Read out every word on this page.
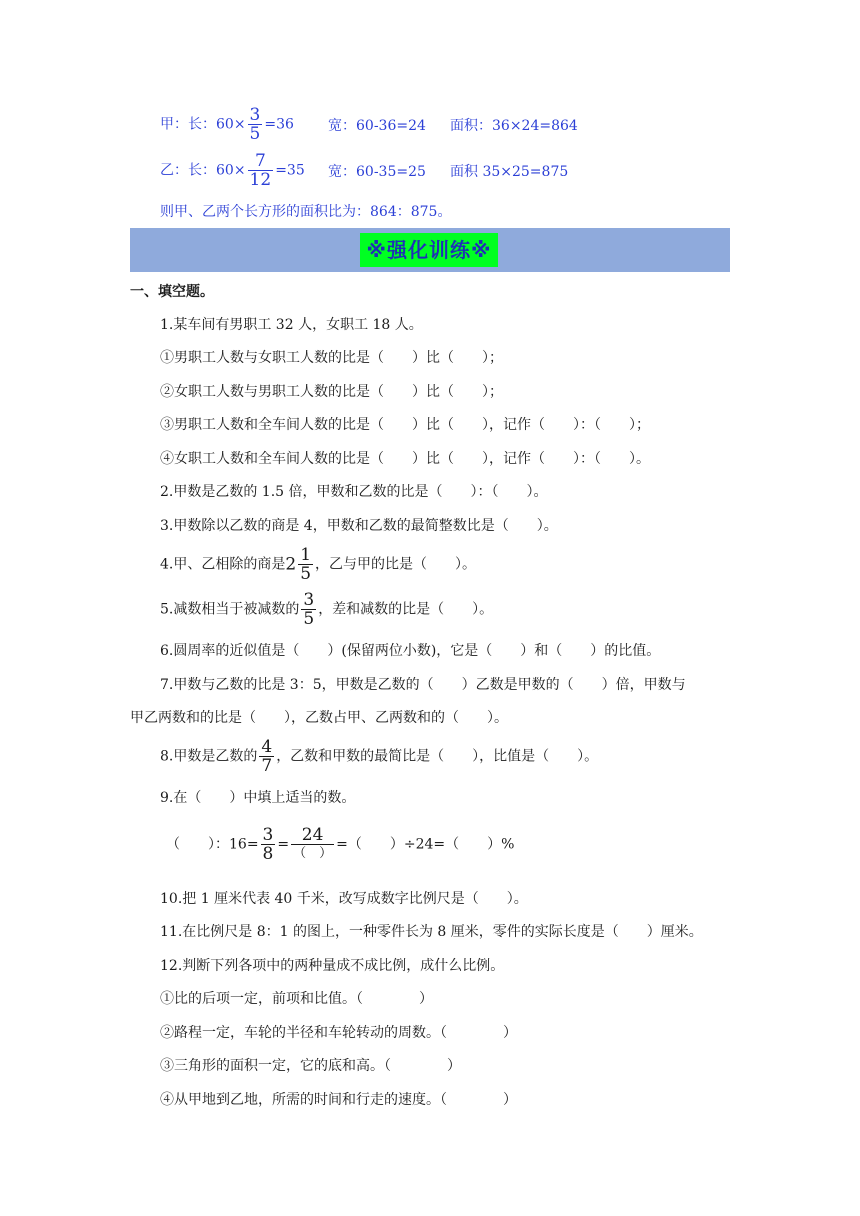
甲：长：$60\times \frac{3}{5} =36$ 宽：60-36=24 面积：36×24=864
乙：长：$60\times \frac{7}{12} =35$ 宽：60-35=25 面积 35×25=875
则甲、乙两个长方形的面积比为：864：875。
※强化训练※
一、填空题。
1.某车间有男职工 32 人，女职工 18 人。
①男职工人数与女职工人数的比是（　　）比（　　）；
②女职工人数与男职工人数的比是（　　）比（　　）；
③男职工人数和全车间人数的比是（　　）比（　　），记作（　　）：（　　）；
④女职工人数和全车间人数的比是（　　）比（　　），记作（　　）：（　　）。
2.甲数是乙数的 1.5 倍，甲数和乙数的比是（　　）：（　　）。
3.甲数除以乙数的商是 4，甲数和乙数的最简整数比是（　　）。
4.甲、乙相除的商是$2 \frac{1}{5}$ ，乙与甲的比是（　　）。
5.减数相当于被减数的 $\frac{3}{5}$ ，差和减数的比是（　　）。
6.圆周率的近似值是（　　）(保留两位小数)，它是（　　）和（　　）的比值。
7.甲数与乙数的比是 3：5，甲数是乙数的（　　）乙数是甲数的（　　）倍，甲数与
甲乙两数和的比是（　　），乙数占甲、乙两数和的（　　）。
8.甲数是乙数的 $\frac{4}{7}$ ，乙数和甲数的最简比是（　　），比值是（　　）。
9.在（　　）中填上适当的数。
（　　）：$16= \frac{3}{8} = \frac{24}{( )}$ =（　　）÷24=（　　）%
10.把 1 厘米代表 40 千米，改写成数字比例尺是（　　）。
11.在比例尺是 8：1 的图上，一种零件长为 8 厘米，零件的实际长度是（　　）厘米。
12.判断下列各项中的两种量成不成比例，成什么比例。
①比的后项一定，前项和比值。（　　　　）
②路程一定，车轮的半径和车轮转动的周数。（　　　　）
③三角形的面积一定，它的底和高。（　　　　）
④从甲地到乙地，所需的时间和行走的速度。（　　　　）
